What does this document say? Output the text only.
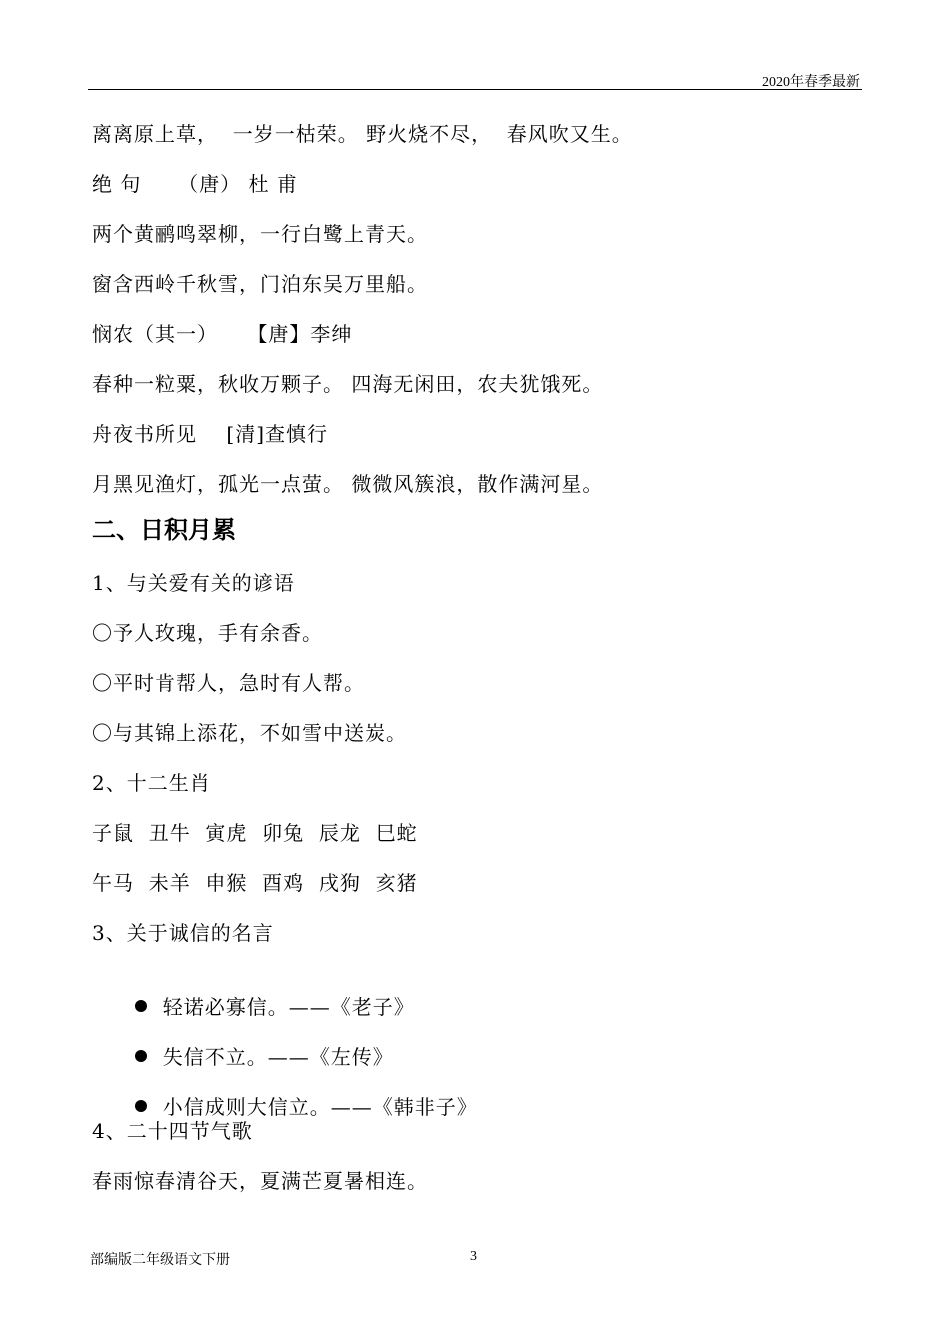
2020年春季最新
离离原上草，  一岁一枯荣。 野火烧不尽，  春风吹又生。
绝 句     （唐） 杜 甫
两个黄鹂鸣翠柳，一行白鹭上青天。
窗含西岭千秋雪，门泊东吴万里船。
悯农（其一）    【唐】李绅
春种一粒粟，秋收万颗子。 四海无闲田，农夫犹饿死。
舟夜书所见    [清]查慎行
月黑见渔灯，孤光一点萤。 微微风簇浪，散作满河星。
二、日积月累
1、与关爱有关的谚语
〇予人玫瑰，手有余香。
〇平时肯帮人，急时有人帮。
〇与其锦上添花，不如雪中送炭。
2、十二生肖
子鼠  丑牛  寅虎  卯兔  辰龙  巳蛇
午马  未羊  申猴  酉鸡  戌狗  亥猪
3、关于诚信的名言

轻诺必寡信。——《老子》

失信不立。——《左传》

小信成则大信立。——《韩非子》

4、二十四节气歌
春雨惊春清谷天，夏满芒夏暑相连。
部编版二年级语文下册	3
